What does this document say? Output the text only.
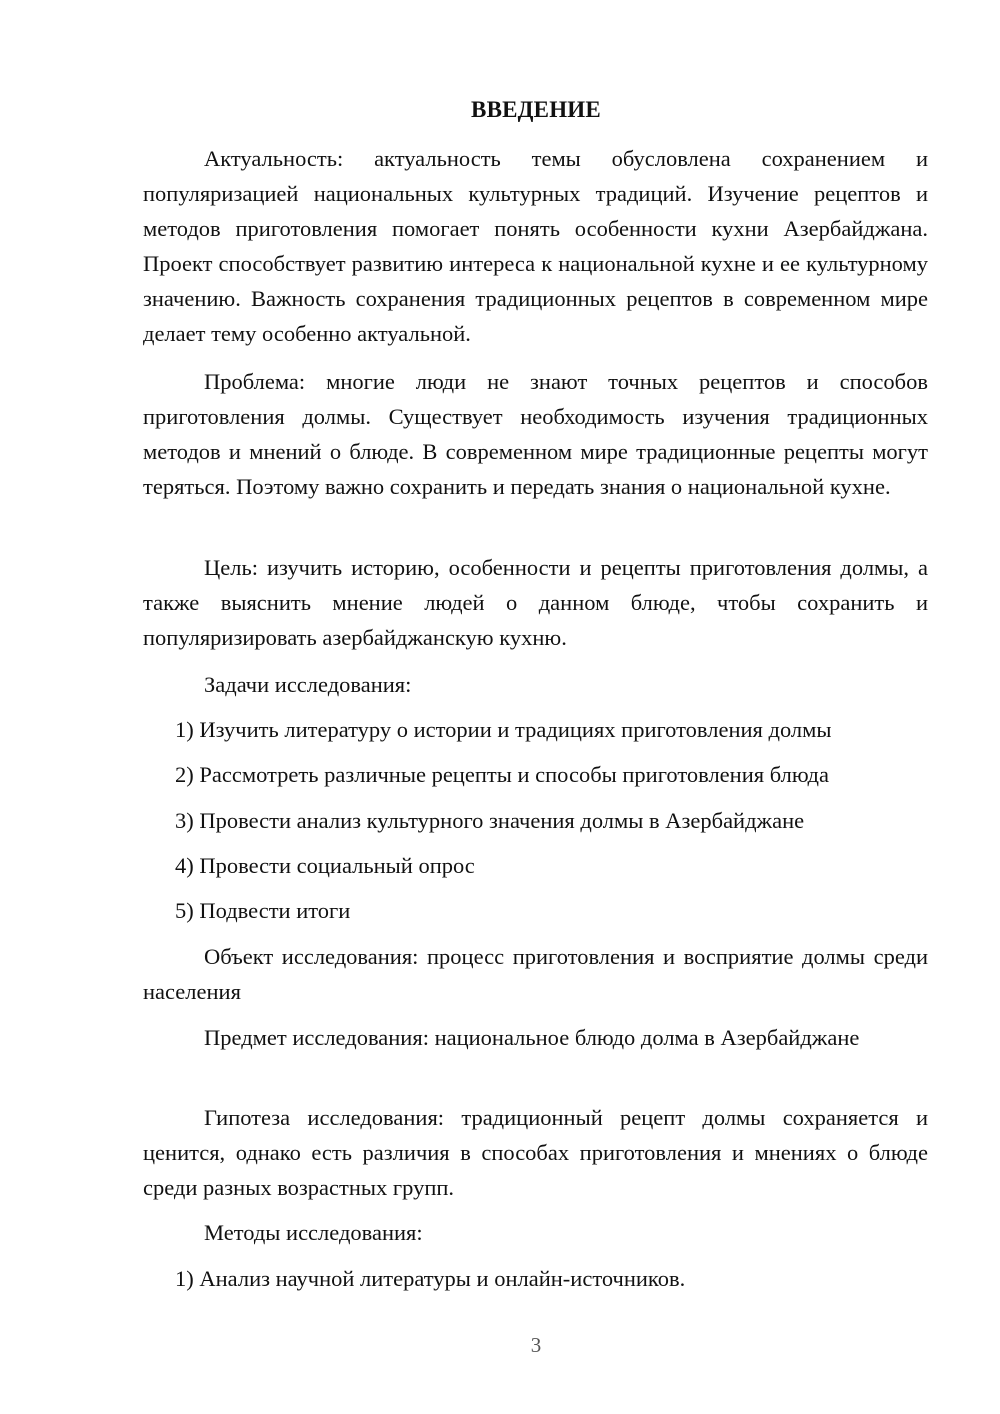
ВВЕДЕНИЕ

Актуальность: актуальность темы обусловлена сохранением и популяризацией национальных культурных традиций. Изучение рецептов и методов приготовления помогает понять особенности кухни Азербайджана. Проект способствует развитию интереса к национальной кухне и ее культурному значению. Важность сохранения традиционных рецептов в современном мире делает тему особенно актуальной.

Проблема: многие люди не знают точных рецептов и способов приготовления долмы. Существует необходимость изучения традиционных методов и мнений о блюде. В современном мире традиционные рецепты могут теряться. Поэтому важно сохранить и передать знания о национальной кухне.

Цель: изучить историю, особенности и рецепты приготовления долмы, а также выяснить мнение людей о данном блюде, чтобы сохранить и популяризировать азербайджанскую кухню.

Задачи исследования:

1) Изучить литературу о истории и традициях приготовления долмы
2) Рассмотреть различные рецепты и способы приготовления блюда
3) Провести анализ культурного значения долмы в Азербайджане
4) Провести социальный опрос
5) Подвести итоги

Объект исследования: процесс приготовления и восприятие долмы среди населения

Предмет исследования: национальное блюдо долма в Азербайджане

Гипотеза исследования: традиционный рецепт долмы сохраняется и ценится, однако есть различия в способах приготовления и мнениях о блюде среди разных возрастных групп.

Методы исследования:

1) Анализ научной литературы и онлайн-источников.
3
